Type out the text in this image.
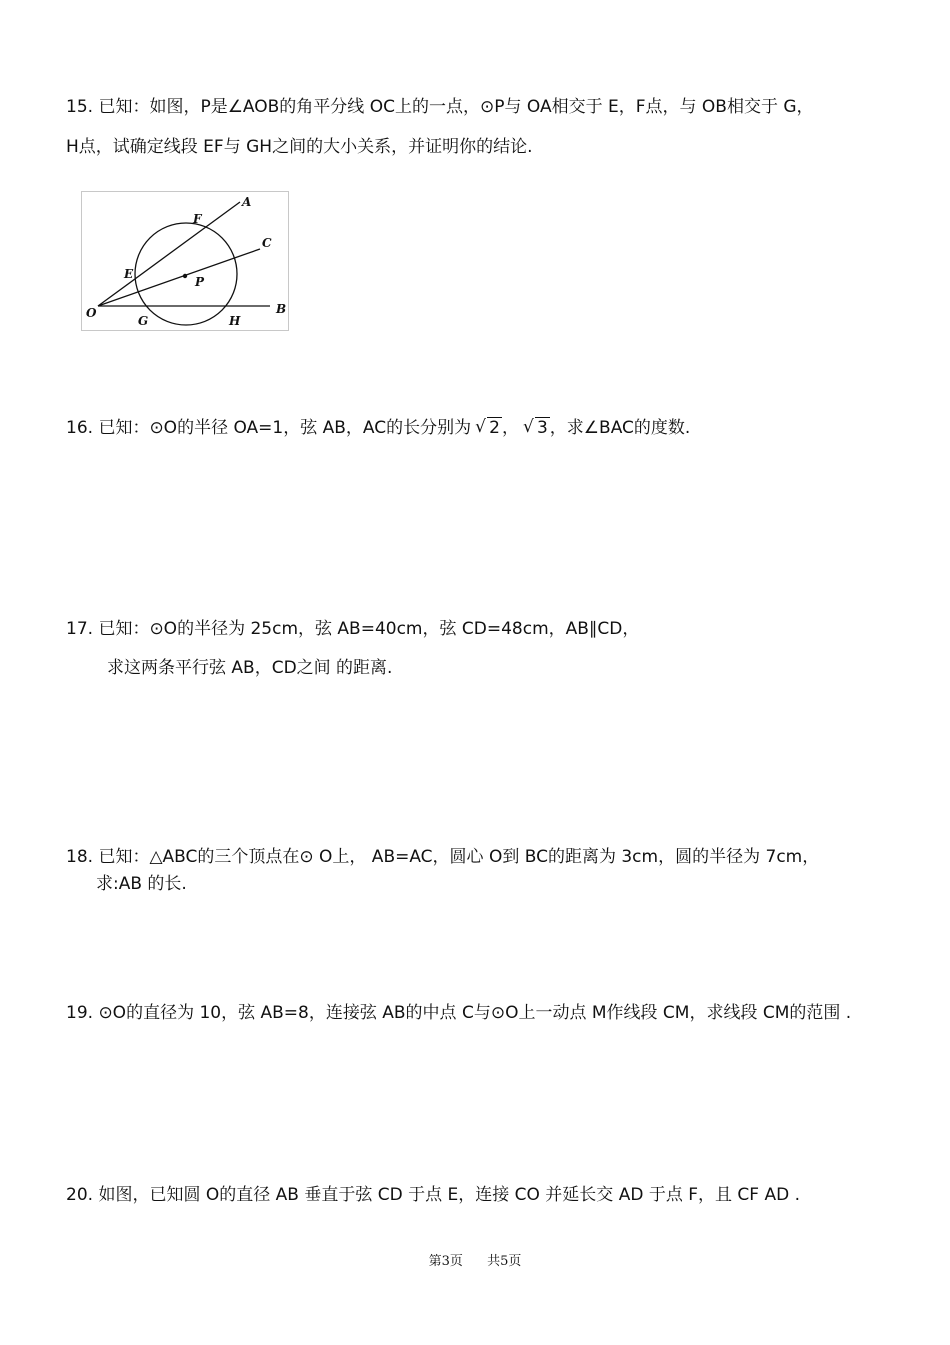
15. 已知：如图，P是∠AOB的角平分线 OC上的一点，⊙P与 OA相交于 E，F点，与 OB相交于 G，
H点，试确定线段 EF与 GH之间的大小关系，并证明你的结论.
A
C
B
F
E
P
O
G	H
16. 已知：⊙O的半径 OA=1，弦 AB，AC的长分别为 √ 2 ， √ 3 ，求∠BAC的度数.
17. 已知：⊙O的半径为 25cm，弦 AB=40cm，弦 CD=48cm，AB∥CD，
求这两条平行弦 AB，CD之间 的距离.
18. 已知：△ABC的三个顶点在⊙ O上， AB=AC，圆心 O到 BC的距离为 3cm，圆的半径为 7cm，
求:AB 的长.
19. ⊙O的直径为 10，弦 AB=8，连接弦 AB的中点 C与⊙O上一动点 M作线段 CM，求线段 CM的范围 .
20. 如图，已知圆 O的直径 AB 垂直于弦 CD 于点 E，连接 CO 并延长交 AD 于点 F，且 CF AD .
第3页 共5页
